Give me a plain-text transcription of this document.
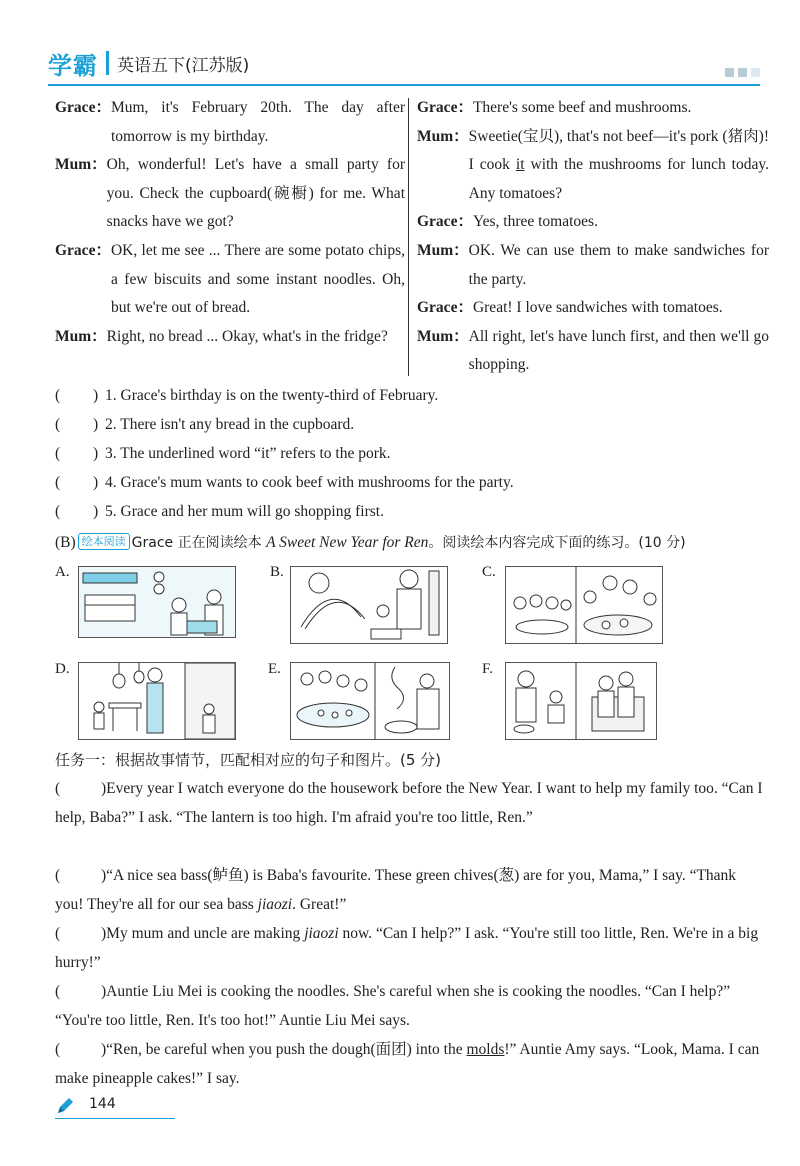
学霸 英语五下(江苏版)
Grace： Mum, it's February 20th. The day after tomorrow is my birthday.
Mum： Oh, wonderful! Let's have a small party for you. Check the cupboard(碗橱) for me. What snacks have we got?
Grace： OK, let me see ... There are some potato chips, a few biscuits and some instant noodles. Oh, but we're out of bread.
Mum： Right, no bread ... Okay, what's in the fridge?
Grace： There's some beef and mushrooms.
Mum： Sweetie(宝贝), that's not beef—it's pork (猪肉)! I cook it with the mushrooms for lunch today. Any tomatoes?
Grace： Yes, three tomatoes.
Mum： OK. We can use them to make sandwiches for the party.
Grace： Great! I love sandwiches with tomatoes.
Mum： All right, let's have lunch first, and then we'll go shopping.
( ) 1. Grace's birthday is on the twenty-third of February.
( ) 2. There isn't any bread in the cupboard.
( ) 3. The underlined word “it” refers to the pork.
( ) 4. Grace's mum wants to cook beef with mushrooms for the party.
( ) 5. Grace and her mum will go shopping first.
(B) 绘本阅读 Grace 正在阅读绘本 A Sweet New Year for Ren。阅读绘本内容完成下面的练习。(10 分)
A.	B.	C.
D.	E.	F.
任务一：根据故事情节，匹配相对应的句子和图片。(5 分)
(	)Every year I watch everyone do the housework before the New Year. I want to help my family too. “Can I help, Baba?” I ask. “The lantern is too high. I'm afraid you're too little, Ren.”
(	)“A nice sea bass(鲈鱼) is Baba's favourite. These green chives(葱) are for you, Mama,” I say. “Thank you! They're all for our sea bass jiaozi. Great!”
(	)My mum and uncle are making jiaozi now. “Can I help?” I ask. “You're still too little, Ren. We're in a big hurry!”
(	)Auntie Liu Mei is cooking the noodles. She's careful when she is cooking the noodles. “Can I help?” “You're too little, Ren. It's too hot!” Auntie Liu Mei says.
(	)“Ren, be careful when you push the dough(面团) into the molds!” Auntie Amy says. “Look, Mama. I can make pineapple cakes!” I say.
144
